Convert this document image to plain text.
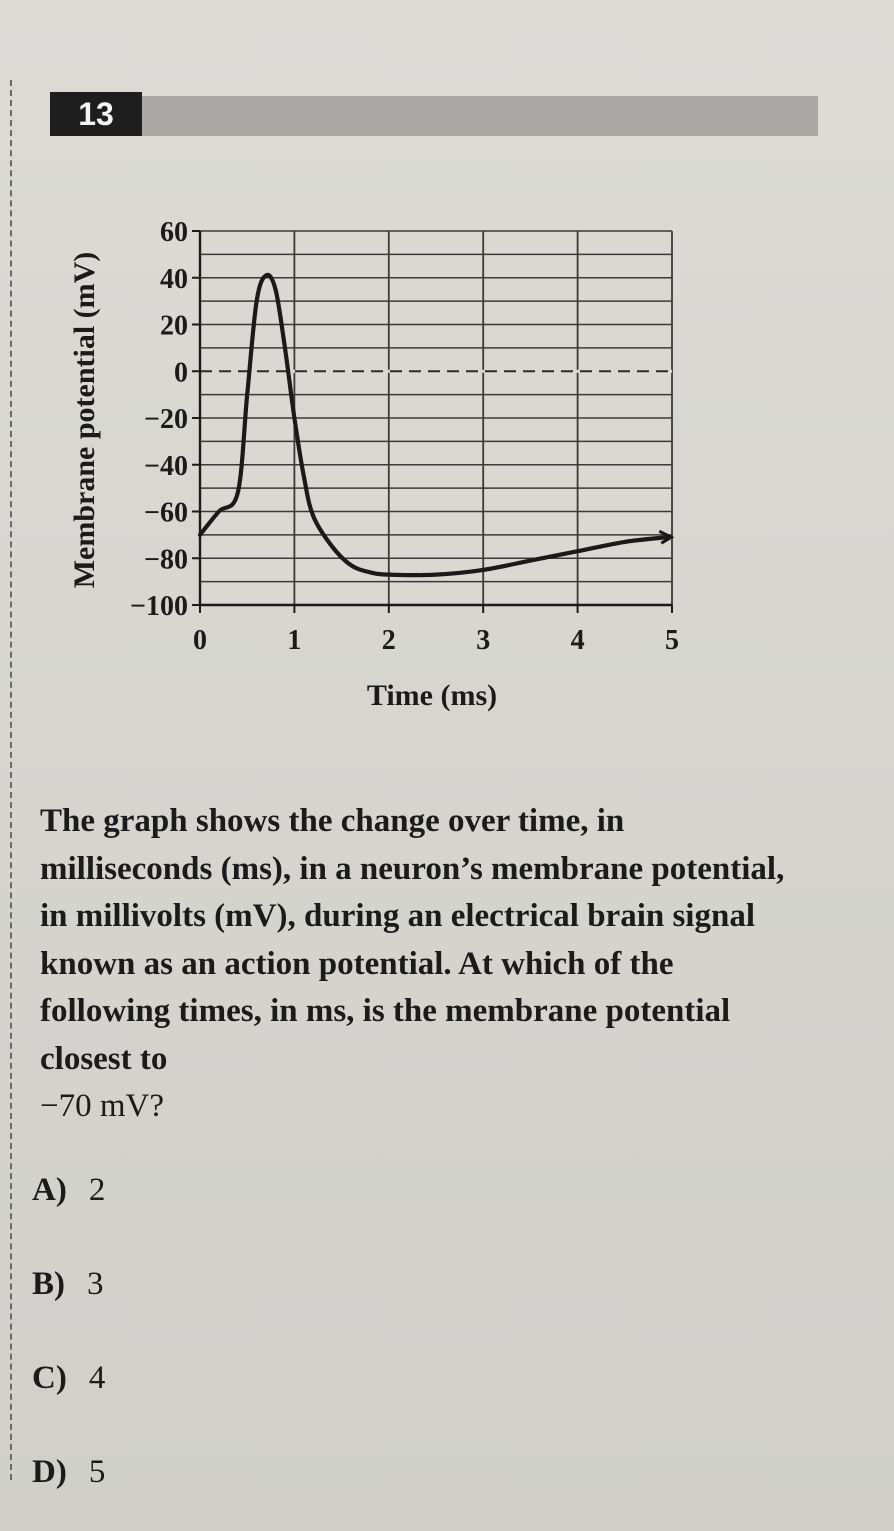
13
60
40
20
0
−20
−40
−60
−80
−100
0	1	2	3	4	5
Time (ms)
Membrane potential (mV)

The graph shows the change over time, in milliseconds (ms), in a neuron’s membrane potential, in millivolts (mV), during an electrical brain signal known as an action potential. At which of the following times, in ms, is the membrane potential closest to
−70 mV?

A) 2
B) 3
C) 4
D) 5
